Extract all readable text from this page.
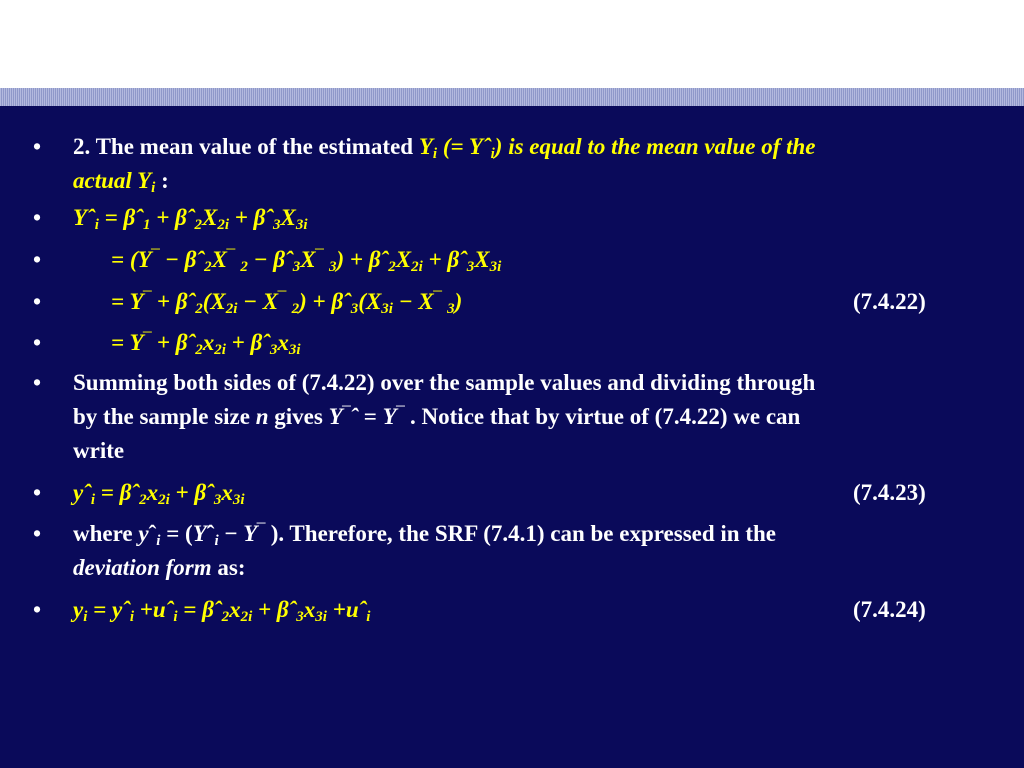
• 2. The mean value of the estimated $Y_i$ (= Yˆ$_i$) is equal to the mean value of the
actual $Y_i$ :
• Yˆ$_i$ = βˆ$_1$ + $\beta ˆ_2X_{2i}$ + $\beta ˆ_3X_{3i}$
•	= (Y‾ − βˆ$_2$X‾ $_2$ − βˆ$_3$X‾ $_3) + \beta ˆ_2X_{2i}$ + $\beta ˆ_3X_{3i}$
•	= Y‾ + $\beta ˆ_2(X_{2i}$ − X‾ $_2) + \beta ˆ_3(X_{3i}$ − X‾ $_3$)	(7.4.22)
•	= Y‾ + $\beta ˆ_2x_{2i}$ + $\beta ˆ_3x_{3i}$
• Summing both sides of (7.4.22) over the sample values and dividing through
by the sample size n gives Y‾ˆ = Y‾ . Notice that by virtue of (7.4.22) we can
write
• yˆ$_i$ = $\beta ˆ_2x_{2i}$ + $\beta ˆ_3x_{3i}$	(7.4.23)
• where yˆ$_i$ = (Yˆ$_i$ − Y‾ ). Therefore, the SRF (7.4.1) can be expressed in the
deviation form as:
• $y_i$ = yˆ$_i$ +uˆ$_i$ = $\beta ˆ_2x_{2i}$ + $\beta ˆ_3x_{3i}$ +uˆ$_i$	(7.4.24)
